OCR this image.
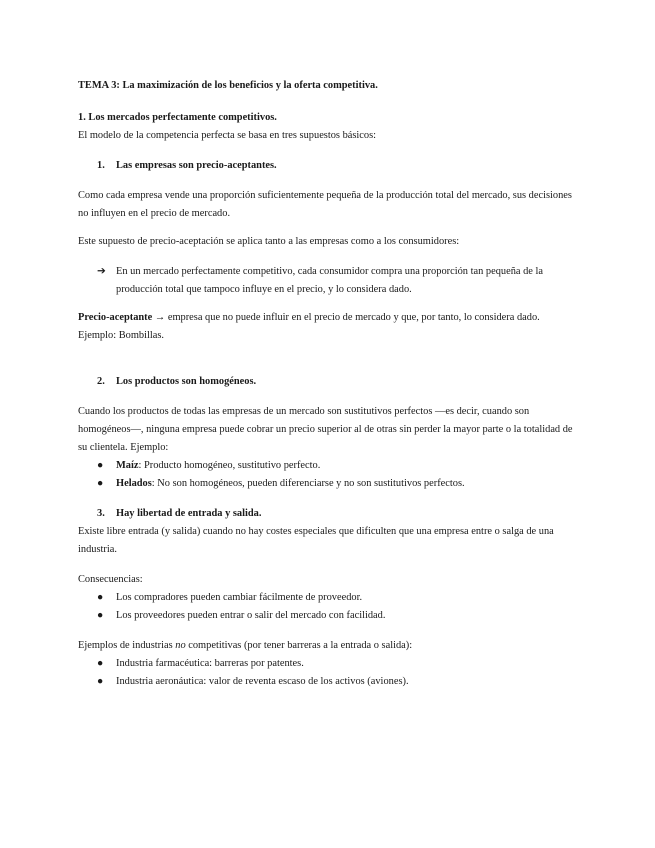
TEMA 3: La maximización de los beneficios y la oferta competitiva.

1. Los mercados perfectamente competitivos.

El modelo de la competencia perfecta se basa en tres supuestos básicos:

1.	Las empresas son precio-aceptantes.

Como cada empresa vende una proporción suficientemente pequeña de la producción total del mercado, sus decisiones no influyen en el precio de mercado.

Este supuesto de precio-aceptación se aplica tanto a las empresas como a los consumidores:

➔ En un mercado perfectamente competitivo, cada consumidor compra una proporción tan pequeña de la producción total que tampoco influye en el precio, y lo considera dado.

Precio-aceptante → empresa que no puede influir en el precio de mercado y que, por tanto, lo considera dado. Ejemplo: Bombillas.

2.	Los productos son homogéneos.

Cuando los productos de todas las empresas de un mercado son sustitutivos perfectos —es decir, cuando son homogéneos—, ninguna empresa puede cobrar un precio superior al de otras sin perder la mayor parte o la totalidad de su clientela. Ejemplo:

●	Maíz: Producto homogéneo, sustitutivo perfecto.
●	Helados: No son homogéneos, pueden diferenciarse y no son sustitutivos perfectos.
3.	Hay libertad de entrada y salida.

Existe libre entrada (y salida) cuando no hay costes especiales que dificulten que una empresa entre o salga de una industria.

Consecuencias:

●	Los compradores pueden cambiar fácilmente de proveedor.
●	Los proveedores pueden entrar o salir del mercado con facilidad.

Ejemplos de industrias no competitivas (por tener barreras a la entrada o salida):

●	Industria farmacéutica: barreras por patentes.
●	Industria aeronáutica: valor de reventa escaso de los activos (aviones).
